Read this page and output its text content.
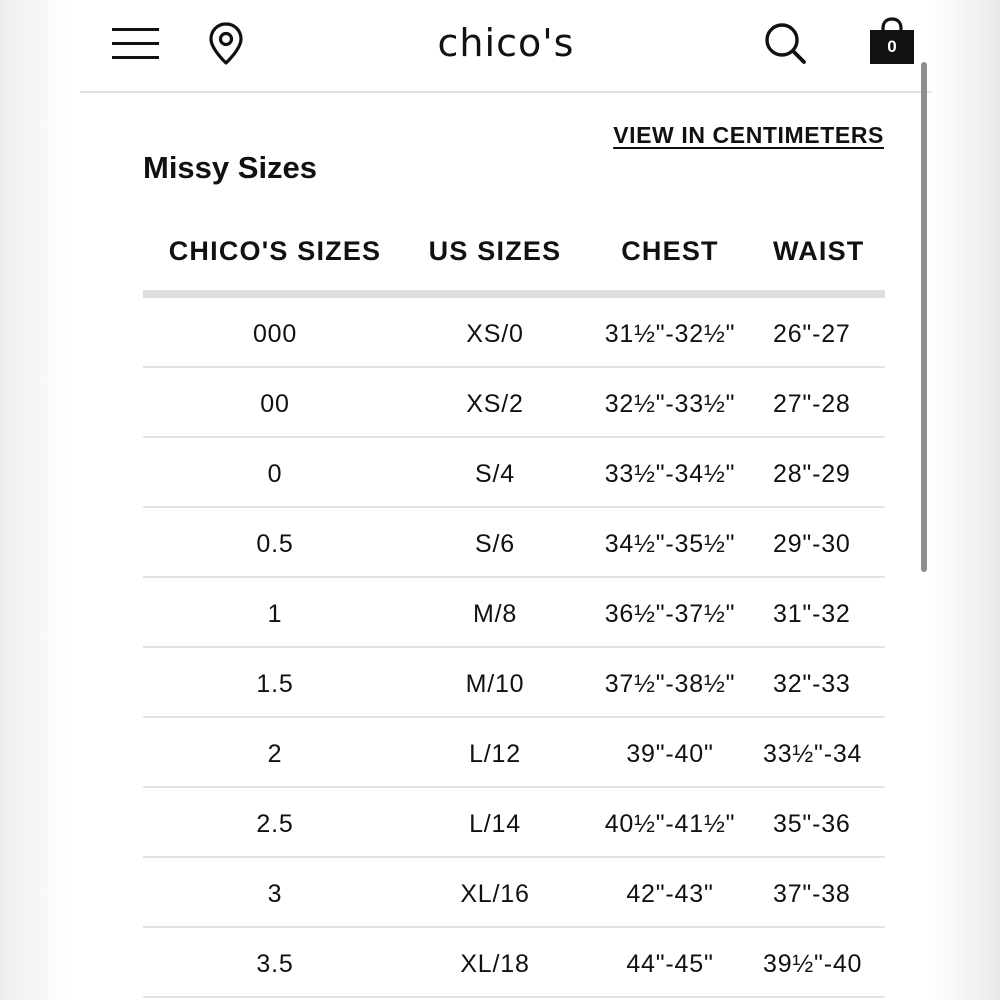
chico's	0
VIEW IN CENTIMETERS
Missy Sizes
CHICO'S SIZES	US SIZES	CHEST	WAIST
000	XS/0	31½"-32½"	26"-27
00	XS/2	32½"-33½"	27"-28
0	S/4	33½"-34½"	28"-29
0.5	S/6	34½"-35½"	29"-30
1	M/8	36½"-37½"	31"-32
1.5	M/10	37½"-38½"	32"-33
2	L/12	39"-40"	33½"-34
2.5	L/14	40½"-41½"	35"-36
3	XL/16	42"-43"	37"-38
3.5	XL/18	44"-45"	39½"-40
